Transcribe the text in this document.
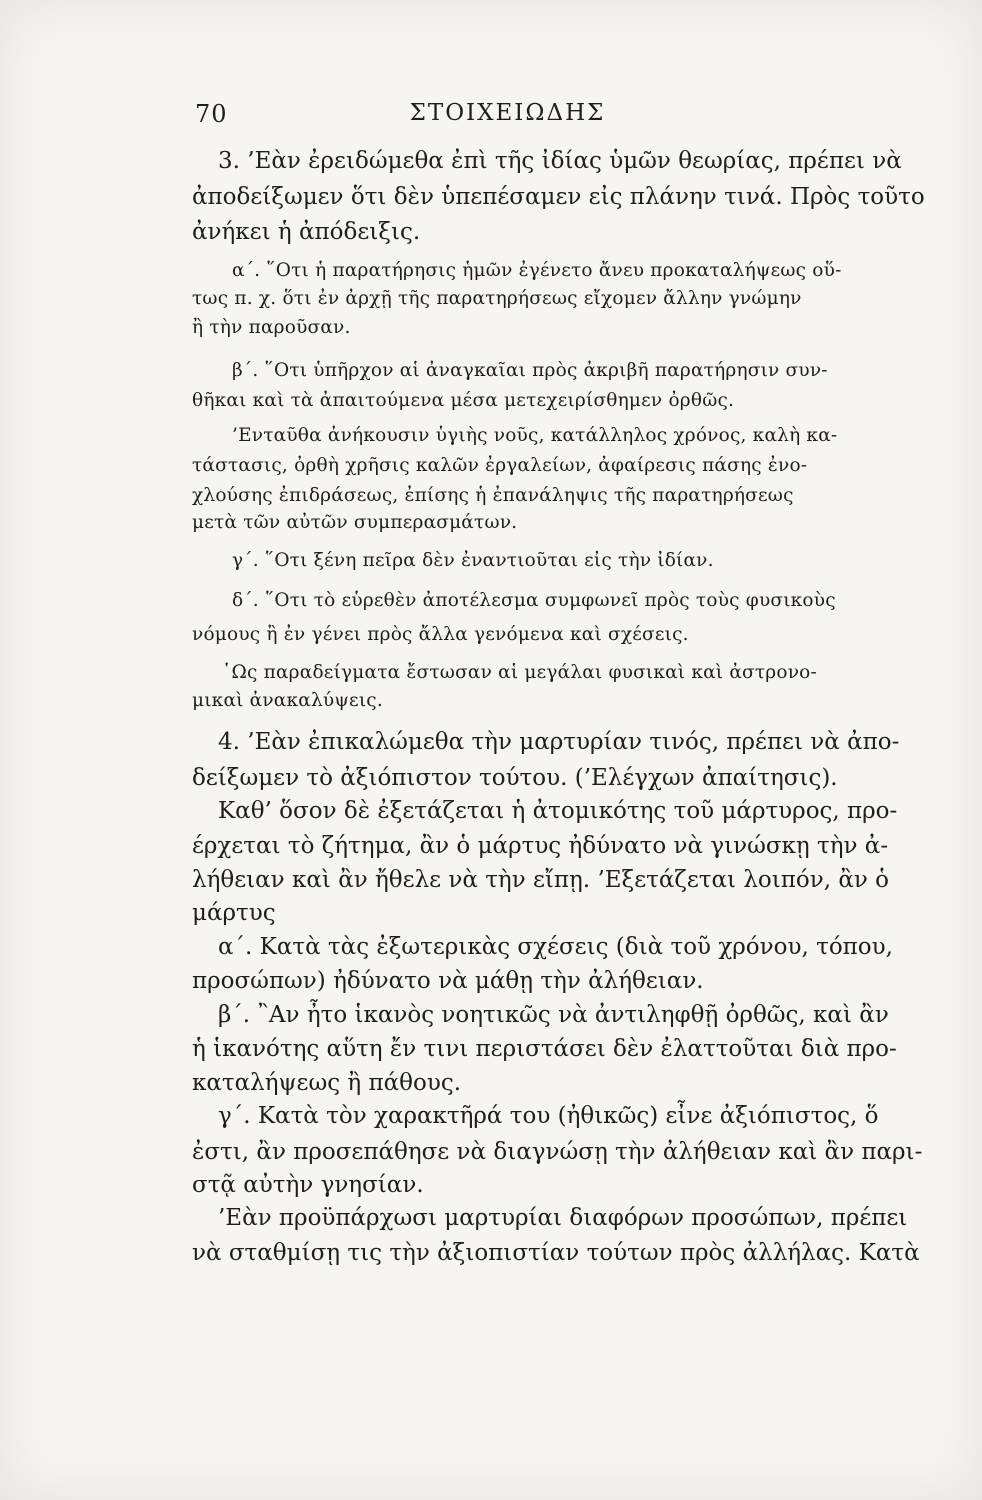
70	ΣΤΟΙΧΕΙΩΔΗΣ
3. ’Εὰν ἐρειδώμεθα ἐπὶ τῆς ἰδίας ὑμῶν θεωρίας, πρέπει νὰ
ἀποδείξωμεν ὅτι δὲν ὑπεπέσαμεν εἰς πλάνην τινά. Πρὸς τοῦτο
ἀνήκει ἡ ἀπόδειξις.
α΄. ῞Οτι ἡ παρατήρησις ἡμῶν ἐγένετο ἄνευ προκαταλήψεως οὕ-
τως π. χ. ὅτι ἐν ἀρχῇ τῆς παρατηρήσεως εἴχομεν ἄλλην γνώμην
ἢ τὴν παροῦσαν.
β΄. ῞Οτι ὑπῆρχον αἱ ἀναγκαῖαι πρὸς ἀκριβῆ παρατήρησιν συν-
θῆκαι καὶ τὰ ἀπαιτούμενα μέσα μετεχειρίσθημεν ὀρθῶς.
’Ενταῦθα ἀνήκουσιν ὑγιὴς νοῦς, κατάλληλος χρόνος, καλὴ κα-
τάστασις, ὀρθὴ χρῆσις καλῶν ἐργαλείων, ἀφαίρεσις πάσης ἐνο-
χλούσης ἐπιδράσεως, ἐπίσης ἡ ἐπανάληψις τῆς παρατηρήσεως
μετὰ τῶν αὐτῶν συμπερασμάτων.
γ΄. ῞Οτι ξένη πεῖρα δὲν ἐναντιοῦται εἰς τὴν ἰδίαν.
δ΄. ῞Οτι τὸ εὑρεθὲν ἀποτέλεσμα συμφωνεῖ πρὸς τοὺς φυσικοὺς
νόμους ἢ ἐν γένει πρὸς ἄλλα γενόμενα καὶ σχέσεις.
῾Ως παραδείγματα ἔστωσαν αἱ μεγάλαι φυσικαὶ καὶ ἀστρονο-
μικαὶ ἀνακαλύψεις.
4. ’Εὰν ἐπικαλώμεθα τὴν μαρτυρίαν τινός, πρέπει νὰ ἀπο-
δείξωμεν τὸ ἀξιόπιστον τούτου. (’Ελέγχων ἀπαίτησις).
Καθ’ ὅσον δὲ ἐξετάζεται ἡ ἀτομικότης τοῦ μάρτυρος, προ-
έρχεται τὸ ζήτημα, ἂν ὁ μάρτυς ἠδύνατο νὰ γινώσκῃ τὴν ἀ-
λήθειαν καὶ ἂν ἤθελε νὰ τὴν εἴπῃ. ’Εξετάζεται λοιπόν, ἂν ὁ
μάρτυς
α΄. Κατὰ τὰς ἐξωτερικὰς σχέσεις (διὰ τοῦ χρόνου, τόπου,
προσώπων) ἠδύνατο νὰ μάθῃ τὴν ἀλήθειαν.
β΄. ῍Αν ἦτο ἱκανὸς νοητικῶς νὰ ἀντιληφθῇ ὀρθῶς, καὶ ἂν
ἡ ἱκανότης αὕτη ἔν τινι περιστάσει δὲν ἐλαττοῦται διὰ προ-
καταλήψεως ἢ πάθους.
γ΄. Κατὰ τὸν χαρακτῆρά του (ἠθικῶς) εἶνε ἀξιόπιστος, ὅ
ἐστι, ἂν προσεπάθησε νὰ διαγνώσῃ τὴν ἀλήθειαν καὶ ἂν παρι-
στᾷ αὐτὴν γνησίαν.
’Εὰν προϋπάρχωσι μαρτυρίαι διαφόρων προσώπων, πρέπει
νὰ σταθμίσῃ τις τὴν ἀξιοπιστίαν τούτων πρὸς ἀλλήλας. Κατὰ
